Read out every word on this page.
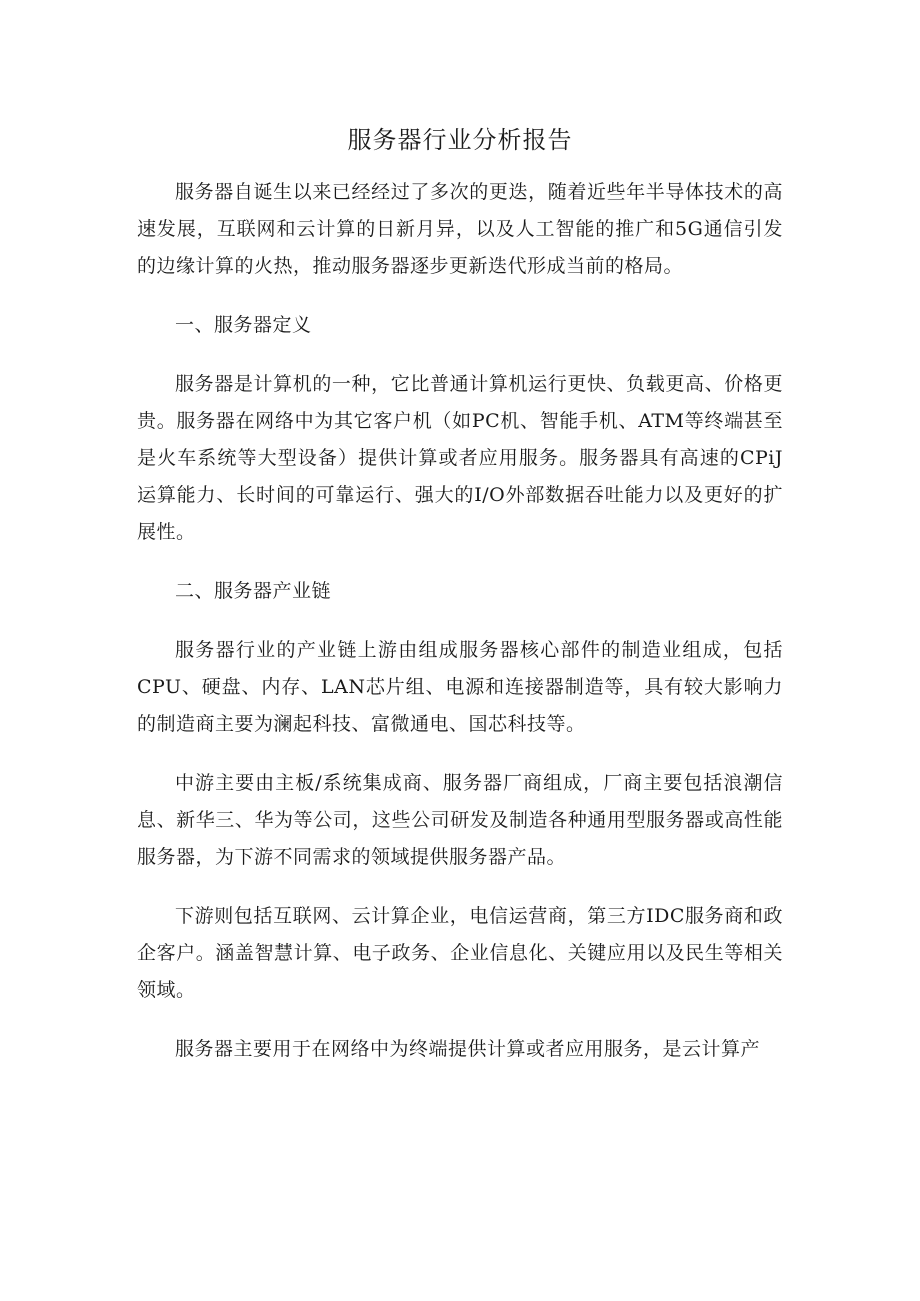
服务器行业分析报告

服务器自诞生以来已经经过了多次的更迭，随着近些年半导体技术的高速发展，互联网和云计算的日新月异，以及人工智能的推广和5G通信引发的边缘计算的火热，推动服务器逐步更新迭代形成当前的格局。

一、服务器定义

服务器是计算机的一种，它比普通计算机运行更快、负载更高、价格更贵。服务器在网络中为其它客户机（如PC机、智能手机、ATM等终端甚至是火车系统等大型设备）提供计算或者应用服务。服务器具有高速的CPiJ运算能力、长时间的可靠运行、强大的I/O外部数据吞吐能力以及更好的扩展性。

二、服务器产业链

服务器行业的产业链上游由组成服务器核心部件的制造业组成，包括CPU、硬盘、内存、LAN芯片组、电源和连接器制造等，具有较大影响力的制造商主要为澜起科技、富微通电、国芯科技等。

中游主要由主板/系统集成商、服务器厂商组成，厂商主要包括浪潮信息、新华三、华为等公司，这些公司研发及制造各种通用型服务器或高性能服务器，为下游不同需求的领域提供服务器产品。

下游则包括互联网、云计算企业，电信运营商，第三方IDC服务商和政企客户。涵盖智慧计算、电子政务、企业信息化、关键应用以及民生等相关领域。

服务器主要用于在网络中为终端提供计算或者应用服务，是云计算产
